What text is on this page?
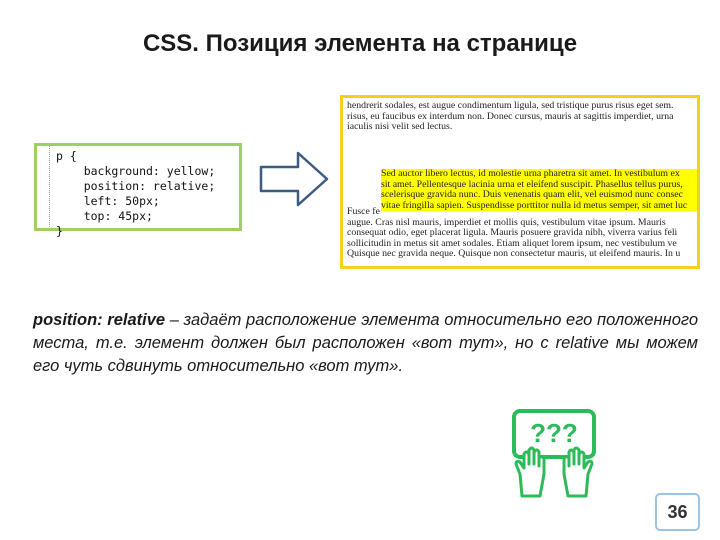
CSS. Позиция элемента на странице
p {
background: yellow;
position: relative;
left: 50px;
top: 45px;
}
hendrerit sodales, est augue condimentum ligula, sed tristique purus risus eget sem.
risus, eu faucibus ex interdum non. Donec cursus, mauris at sagittis imperdiet, urna
iaculis nisi velit sed lectus.
Fusce fe
augue. Cras nisl mauris, imperdiet et mollis quis, vestibulum vitae ipsum. Mauris
consequat odio, eget placerat ligula. Mauris posuere gravida nibh, viverra varius feli
sollicitudin in metus sit amet sodales. Etiam aliquet lorem ipsum, nec vestibulum ve
Quisque nec gravida neque. Quisque non consectetur mauris, ut eleifend mauris. In u
Sed auctor libero lectus, id molestie urna pharetra sit amet. In vestibulum ex
sit amet. Pellentesque lacinia urna et eleifend suscipit. Phasellus tellus purus,
scelerisque gravida nunc. Duis venenatis quam elit, vel euismod nunc consec
vitae fringilla sapien. Suspendisse porttitor nulla id metus semper, sit amet luc
position: relative – задаёт расположение элемента относительно его положенного места, т.е. элемент должен был расположен «вот тут», но с relative мы можем его чуть сдвинуть относительно «вот тут».
???
36
